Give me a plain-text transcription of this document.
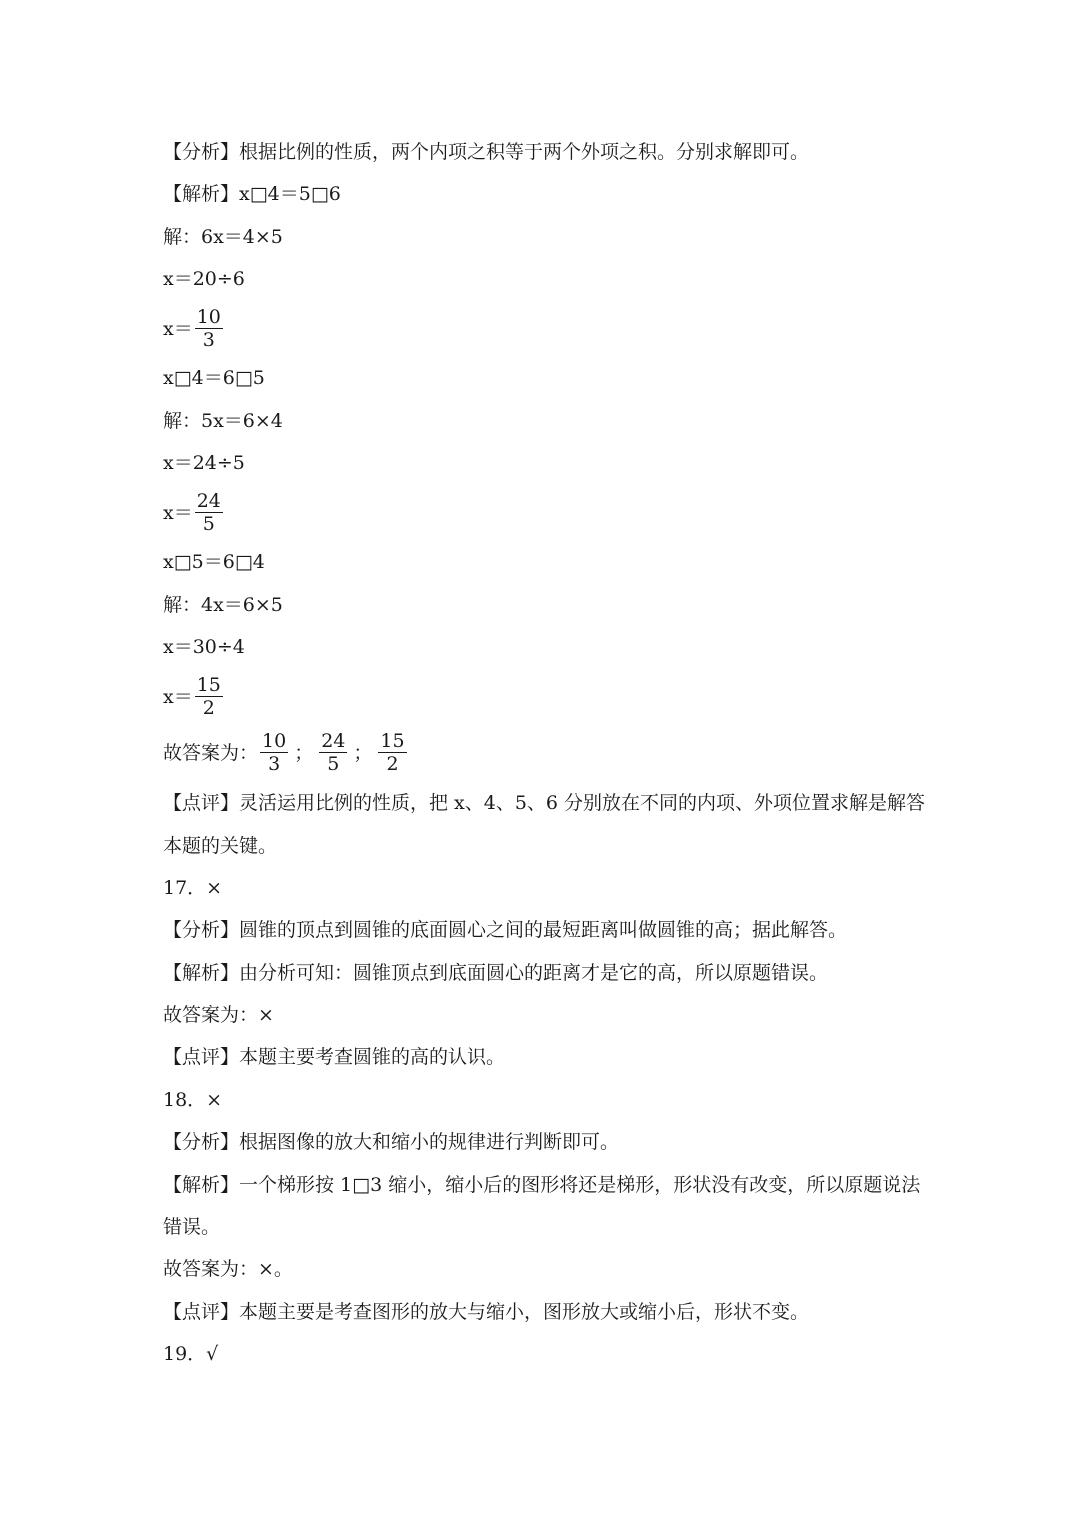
【分析】根据比例的性质，两个内项之积等于两个外项之积。分别求解即可。
【解析】x□4＝5□6
解：6x＝4×5
x＝20÷6
$x= \frac{10}{3}$
x□4＝6□5
解：5x＝6×4
x＝24÷5
$x= \frac{24}{5}$
x□5＝6□4
解：4x＝6×5
x＝30÷4
$x= \frac{15}{2}$
故答案为： $\frac{10}{3}$ ； $\frac{24}{5}$ ； $\frac{15}{2}$
【点评】灵活运用比例的性质，把 x、4、5、6 分别放在不同的内项、外项位置求解是解答
本题的关键。
17．×
【分析】圆锥的顶点到圆锥的底面圆心之间的最短距离叫做圆锥的高；据此解答。
【解析】由分析可知：圆锥顶点到底面圆心的距离才是它的高，所以原题错误。
故答案为：×
【点评】本题主要考查圆锥的高的认识。
18．×
【分析】根据图像的放大和缩小的规律进行判断即可。
【解析】一个梯形按 1□3 缩小，缩小后的图形将还是梯形，形状没有改变，所以原题说法
错误。
故答案为：×。
【点评】本题主要是考查图形的放大与缩小，图形放大或缩小后，形状不变。
19．√
